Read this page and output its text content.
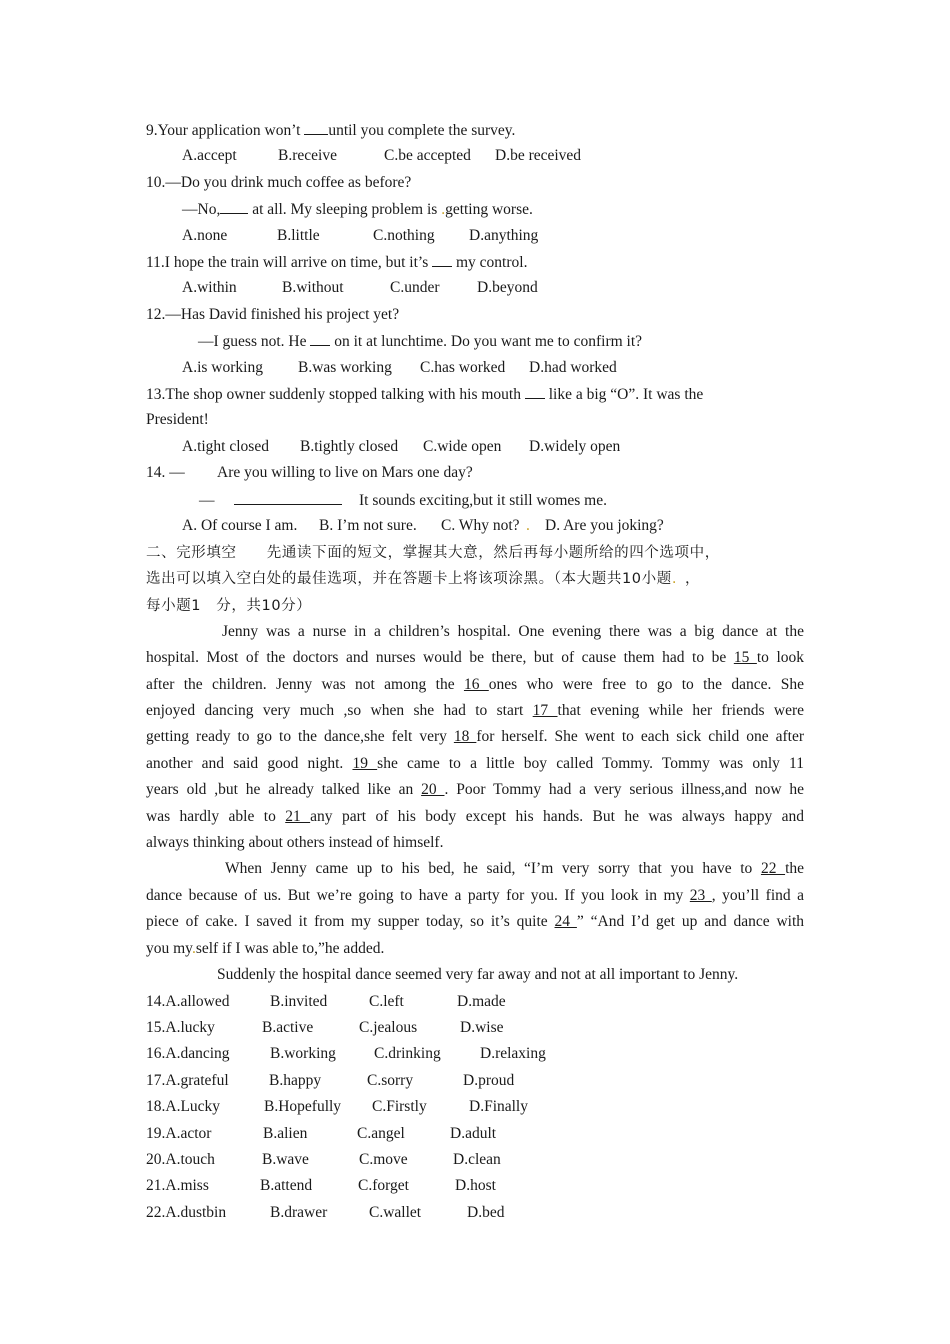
9.Your application won’t until you complete the survey.
A.accept	B.receive	C.be accepted D.be received
10.—Do you drink much coffee as before?
—No, at all. My sleeping problem is .getting worse.
A.none	B.little	C.nothing D.anything
11.I hope the train will arrive on time, but it’s  my control.
A.within	B.without	C.under D.beyond
12.—Has David finished his project yet?
—I guess not. He  on it at lunchtime. Do you want me to confirm it?
A.is working B.was working C.has worked D.had worked
13.The shop owner suddenly stopped talking with his mouth  like a big “O”. It was the
President!
A.tight closed B.tightly closed C.wide open D.widely open
14. — Are you willing to live on Mars one day?
—	It sounds exciting,but it still womes me.
A. Of course I am. B. I’m not sure. C. Why not? . D. Are you joking?
二、完形填空　　先通读下面的短文，掌握其大意，然后再每小题所给的四个选项中，
选出可以填入空白处的最佳选项，并在答题卡上将该项涂黑。（本大题共10小题. ，
每小题1　分，共10分）
Jenny was a nurse in a children’s hospital. One evening there was a big dance at the
hospital. Most of the doctors and nurses would be there, but of cause them had to be 15 to look
after the children. Jenny was not among the 16 ones who were free to go to the dance. She
enjoyed dancing very much ,so when she had to start 17 that evening while her friends were
getting ready to go to the dance,she felt very 18 for herself. She went to each sick child one after
another and said good night. 19 she came to a little boy called Tommy. Tommy was only 11
years old ,but he already talked like an 20 . Poor Tommy had a very serious illness,and now he
was hardly able to 21 any part of his body except his hands. But he was always happy and
always thinking about others instead of himself.
When Jenny came up to his bed, he said, “I’m very sorry that you have to 22 the
dance because of us. But we’re going to have a party for you. If you look in my 23 , you’ll find a
piece of cake. I saved it from my supper today, so it’s quite 24 ” “And I’d get up and dance with
you my.self if I was able to,”he added.
Suddenly the hospital dance seemed very far away and not at all important to Jenny.
14.A.allowed	B.invited	C.left	D.made
15.A.lucky	B.active	C.jealous	D.wise
16.A.dancing	B.working C.drinking	D.relaxing
17.A.grateful	B.happy	C.sorry	D.proud
18.A.Lucky	B.Hopefully C.Firstly	D.Finally
19.A.actor	B.alien	C.angel	D.adult
20.A.touch	B.wave	C.move	D.clean
21.A.miss	B.attend	C.forget	D.host
22.A.dustbin	B.drawer	C.wallet	D.bed
